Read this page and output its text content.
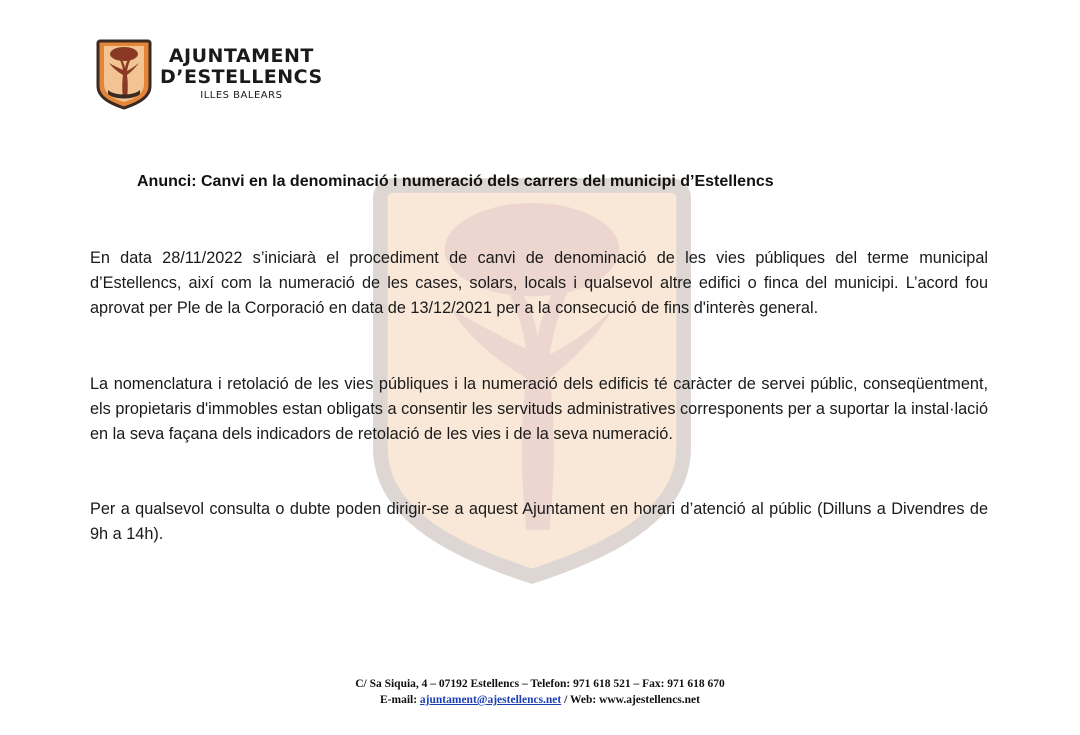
AJUNTAMENT
D’ESTELLENCS
ILLES BALEARS
Anunci: Canvi en la denominació i numeració dels carrers del municipi d’Estellencs

En data 28/11/2022 s’iniciarà el procediment de canvi de denominació de les vies públiques del terme municipal d’Estellencs, així com la numeració de les cases, solars, locals i qualsevol altre edifici o finca del municipi. L’acord fou aprovat per Ple de la Corporació en data de 13/12/2021 per a la consecució de fins d'interès general.

La nomenclatura i retolació de les vies públiques i la numeració dels edificis té caràcter de servei públic, conseqüentment, els propietaris d'immobles estan obligats a consentir les servituds administratives corresponents per a suportar la instal·lació en la seva façana dels indicadors de retolació de les vies i de la seva numeració.

Per a qualsevol consulta o dubte poden dirigir-se a aquest Ajuntament en horari d’atenció al públic (Dilluns a Divendres de 9h a 14h).

C/ Sa Siquia, 4 – 07192 Estellencs – Telefon: 971 618 521 – Fax: 971 618 670
E-mail: ajuntament@ajestellencs.net / Web: www.ajestellencs.net
